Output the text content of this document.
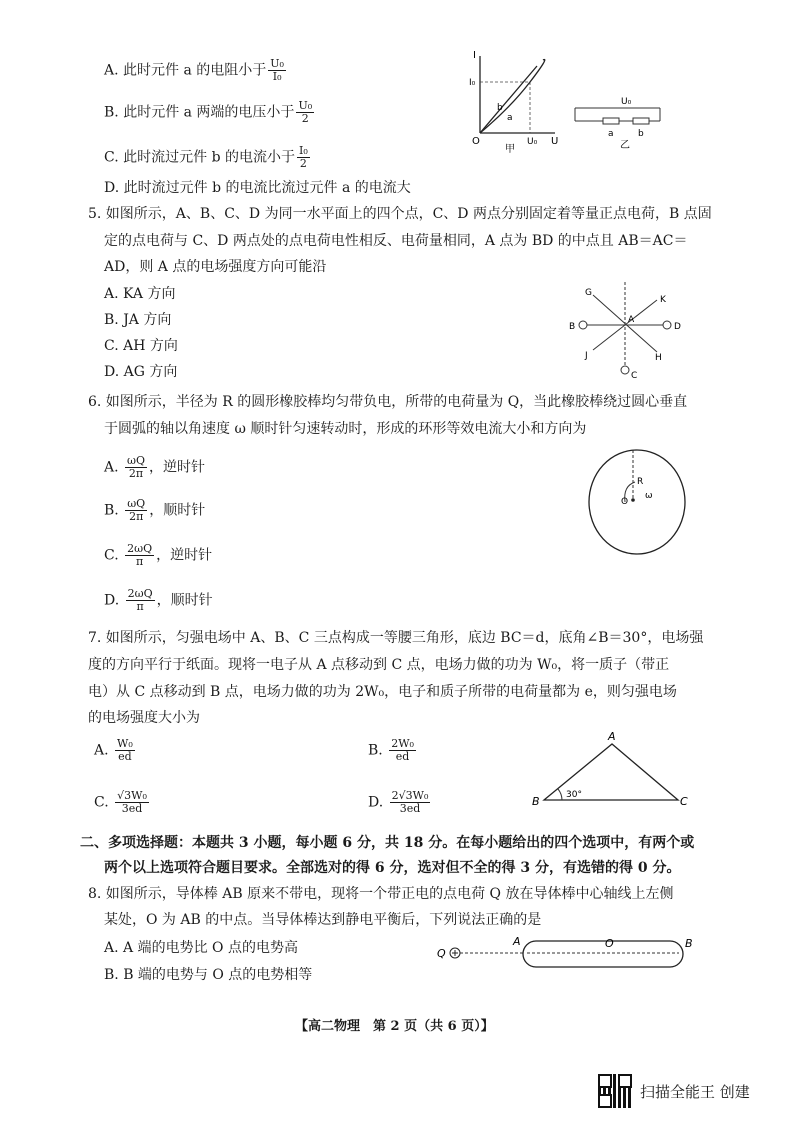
A. 此时元件 a 的电阻小于 $\frac{\text{U₀}}{\text{I₀}}$
B. 此时元件 a 两端的电压小于 $\frac{\text{U₀}}{2}$
C. 此时流过元件 b 的电流小于 $\frac{\text{I₀}}{2}$
D. 此时流过元件 b 的电流比流过元件 a 的电流大
I
I₀
O	U₀ U
b
a
甲
U₀
a	b
乙
5. 如图所示，A、B、C、D 为同一水平面上的四个点，C、D 两点分别固定着等量正点电荷，B 点固
定的点电荷与 C、D 两点处的点电荷电性相反、电荷量相同，A 点为 BD 的中点且 AB＝AC＝
AD，则 A 点的电场强度方向可能沿
A. KA 方向
B. JA 方向
C. AH 方向
D. AG 方向
G
K
B	D
J	H
C
A
6. 如图所示，半径为 R 的圆形橡胶棒均匀带负电，所带的电荷量为 Q，当此橡胶棒绕过圆心垂直
于圆弧的轴以角速度 ω 顺时针匀速转动时，形成的环形等效电流大小和方向为
A. $\frac{\omega Q}{2\pi}$ ，逆时针
B. $\frac{\omega Q}{2\pi}$ ，顺时针
C. $\frac{2\omega Q}{\pi}$ ，逆时针
D. $\frac{2\omega Q}{\pi}$ ，顺时针
R
O
ω
7. 如图所示，匀强电场中 A、B、C 三点构成一等腰三角形，底边 BC＝d，底角∠B＝30°，电场强
度的方向平行于纸面。现将一电子从 A 点移动到 C 点，电场力做的功为 W₀，将一质子（带正
电）从 C 点移动到 B 点，电场力做的功为 2W₀，电子和质子所带的电荷量都为 e，则匀强电场
的电场强度大小为
A. $\frac{\text{W₀}}{ed}$	B. $\frac{\text{2W₀}}{ed}$
C. $\frac{\text{√3W₀}}{3ed}$	D. $\frac{\text{2√3W₀}}{3ed}$
A
B	C
30°
二、多项选择题：本题共 3 小题，每小题 6 分，共 18 分。在每小题给出的四个选项中，有两个或
两个以上选项符合题目要求。全部选对的得 6 分，选对但不全的得 3 分，有选错的得 0 分。
8. 如图所示，导体棒 AB 原来不带电，现将一个带正电的点电荷 Q 放在导体棒中心轴线上左侧
某处，O 为 AB 的中点。当导体棒达到静电平衡后，下列说法正确的是
A. A 端的电势比 O 点的电势高
B. B 端的电势与 O 点的电势相等
Q
A	O	B
【高二物理　第 2 页（共 6 页）】
扫描全能王 创建
